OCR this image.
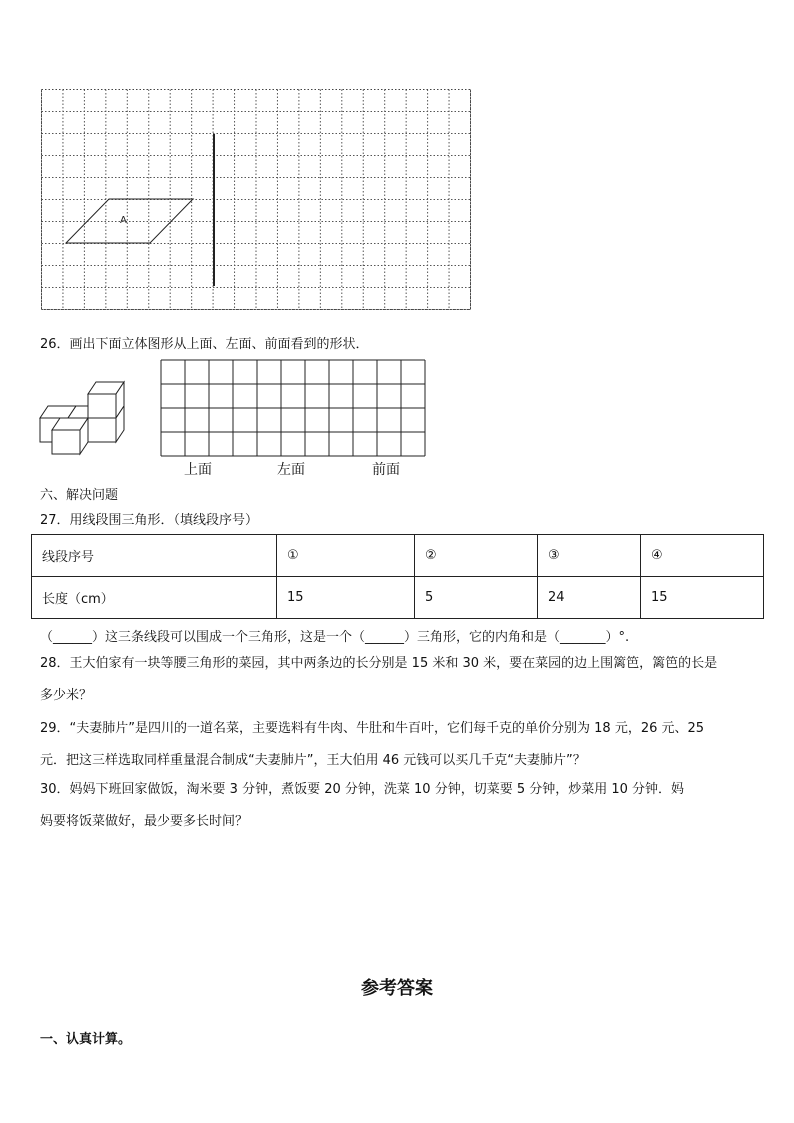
A
26．画出下面立体图形从上面、左面、前面看到的形状．
上面	左面	前面
六、解决问题
27．用线段围三角形．（填线段序号）
线段序号	①	②	③	④
长度（cm）	15	5	24	15
（______）这三条线段可以围成一个三角形，这是一个（______）三角形，它的内角和是（_______）°.
28．王大伯家有一块等腰三角形的菜园，其中两条边的长分别是 15 米和 30 米，要在菜园的边上围篱笆，篱笆的长是
多少米？
29．“夫妻肺片”是四川的一道名菜，主要选料有牛肉、牛肚和牛百叶，它们每千克的单价分别为 18 元，26 元、25
元．把这三样选取同样重量混合制成“夫妻肺片”，王大伯用 46 元钱可以买几千克“夫妻肺片”？
30．妈妈下班回家做饭，淘米要 3 分钟，煮饭要 20 分钟，洗菜 10 分钟，切菜要 5 分钟，炒菜用 10 分钟．妈
妈要将饭菜做好，最少要多长时间？
参考答案
一、认真计算。
